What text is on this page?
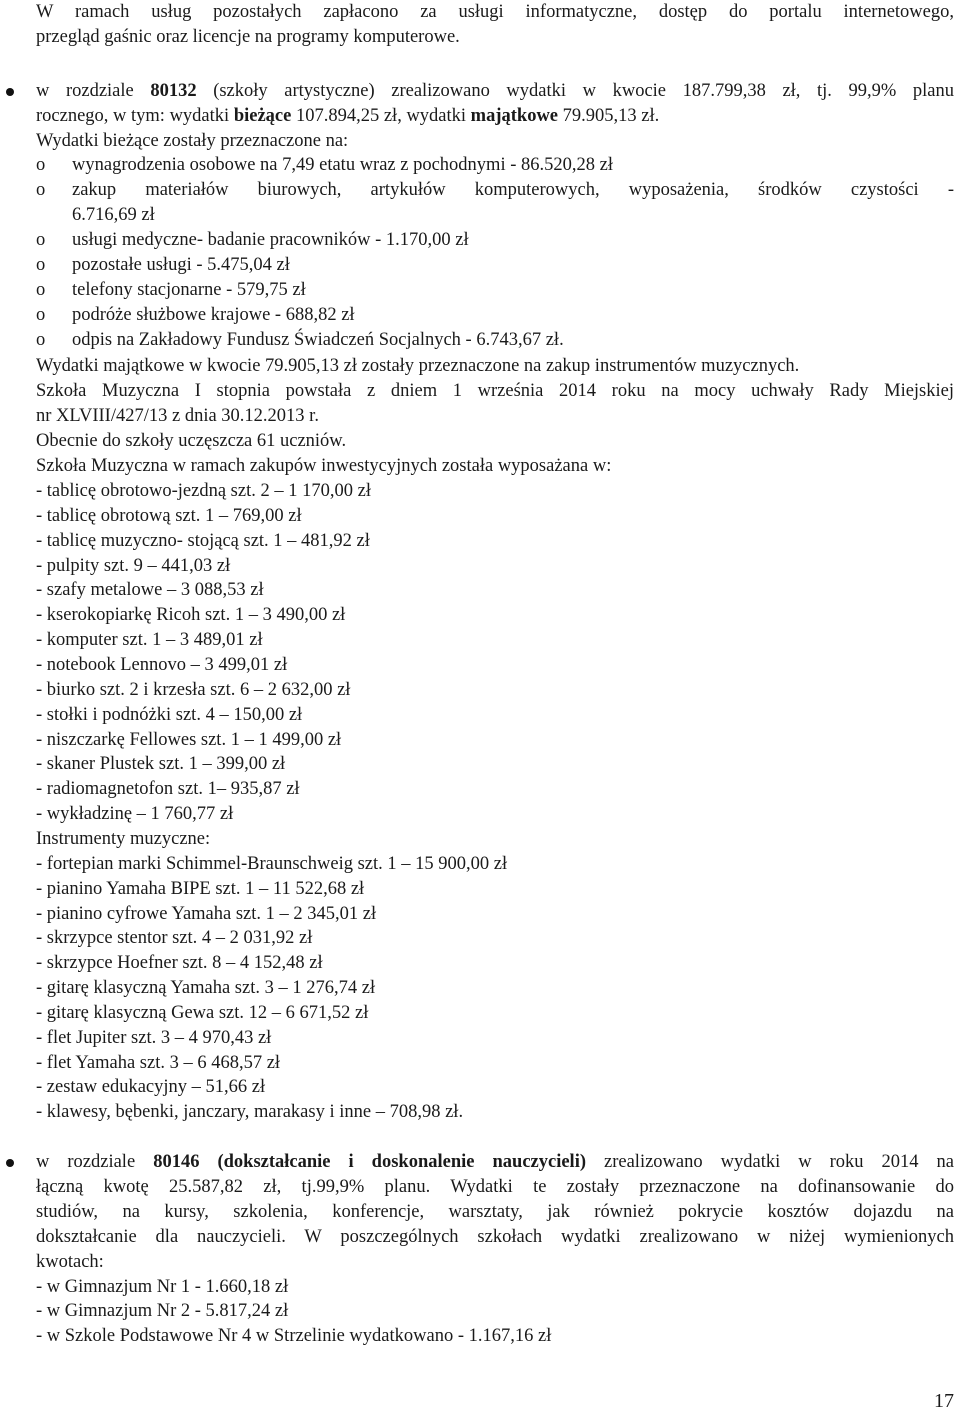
W ramach usług pozostałych zapłacono za usługi informatyczne, dostęp do portalu internetowego,
przegląd gaśnic oraz licencje na programy komputerowe.
w rozdziale 80132 (szkoły artystyczne) zrealizowano wydatki w kwocie 187.799,38 zł, tj. 99,9% planu
rocznego, w tym: wydatki bieżące 107.894,25 zł, wydatki majątkowe 79.905,13 zł.
Wydatki bieżące zostały przeznaczone na:
o wynagrodzenia osobowe na 7,49 etatu wraz z pochodnymi - 86.520,28 zł
o zakup materiałów biurowych, artykułów komputerowych, wyposażenia, środków czystości -
6.716,69 zł
o usługi medyczne- badanie pracowników - 1.170,00 zł
o pozostałe usługi - 5.475,04 zł
o telefony stacjonarne - 579,75 zł
o podróże służbowe krajowe - 688,82 zł
o odpis na Zakładowy Fundusz Świadczeń Socjalnych - 6.743,67 zł.
Wydatki majątkowe w kwocie 79.905,13 zł zostały przeznaczone na zakup instrumentów muzycznych.
Szkoła Muzyczna I stopnia powstała z dniem 1 września 2014 roku na mocy uchwały Rady Miejskiej
nr XLVIII/427/13 z dnia 30.12.2013 r.
Obecnie do szkoły uczęszcza 61 uczniów.
Szkoła Muzyczna w ramach zakupów inwestycyjnych została wyposażana w:
- tablicę obrotowo-jezdną szt. 2 – 1 170,00 zł
- tablicę obrotową szt. 1 – 769,00 zł
- tablicę muzyczno- stojącą szt. 1 – 481,92 zł
- pulpity szt. 9 – 441,03 zł
- szafy metalowe – 3 088,53 zł
- kserokopiarkę Ricoh szt. 1 – 3 490,00 zł
- komputer szt. 1 – 3 489,01 zł
- notebook Lennovo – 3 499,01 zł
- biurko szt. 2 i krzesła szt. 6 – 2 632,00 zł
- stołki i podnóżki szt. 4 – 150,00 zł
- niszczarkę Fellowes szt. 1 – 1 499,00 zł
- skaner Plustek szt. 1 – 399,00 zł
- radiomagnetofon szt. 1– 935,87 zł
- wykładzinę – 1 760,77 zł
Instrumenty muzyczne:
- fortepian marki Schimmel-Braunschweig szt. 1 – 15 900,00 zł
- pianino Yamaha BIPE szt. 1 – 11 522,68 zł
- pianino cyfrowe Yamaha szt. 1 – 2 345,01 zł
- skrzypce stentor szt. 4 – 2 031,92 zł
- skrzypce Hoefner szt. 8 – 4 152,48 zł
- gitarę klasyczną Yamaha szt. 3 – 1 276,74 zł
- gitarę klasyczną Gewa szt. 12 – 6 671,52 zł
- flet Jupiter szt. 3 – 4 970,43 zł
- flet Yamaha szt. 3 – 6 468,57 zł
- zestaw edukacyjny – 51,66 zł
- klawesy, bębenki, janczary, marakasy i inne – 708,98 zł.
w rozdziale 80146 (dokształcanie i doskonalenie nauczycieli) zrealizowano wydatki w roku 2014 na
łączną kwotę 25.587,82 zł, tj.99,9% planu. Wydatki te zostały przeznaczone na dofinansowanie do
studiów, na kursy, szkolenia, konferencje, warsztaty, jak również pokrycie kosztów dojazdu na
dokształcanie dla nauczycieli. W poszczególnych szkołach wydatki zrealizowano w niżej wymienionych
kwotach:
- w Gimnazjum Nr 1 - 1.660,18 zł
- w Gimnazjum Nr 2 - 5.817,24 zł
- w Szkole Podstawowe Nr 4 w Strzelinie wydatkowano - 1.167,16 zł
17
